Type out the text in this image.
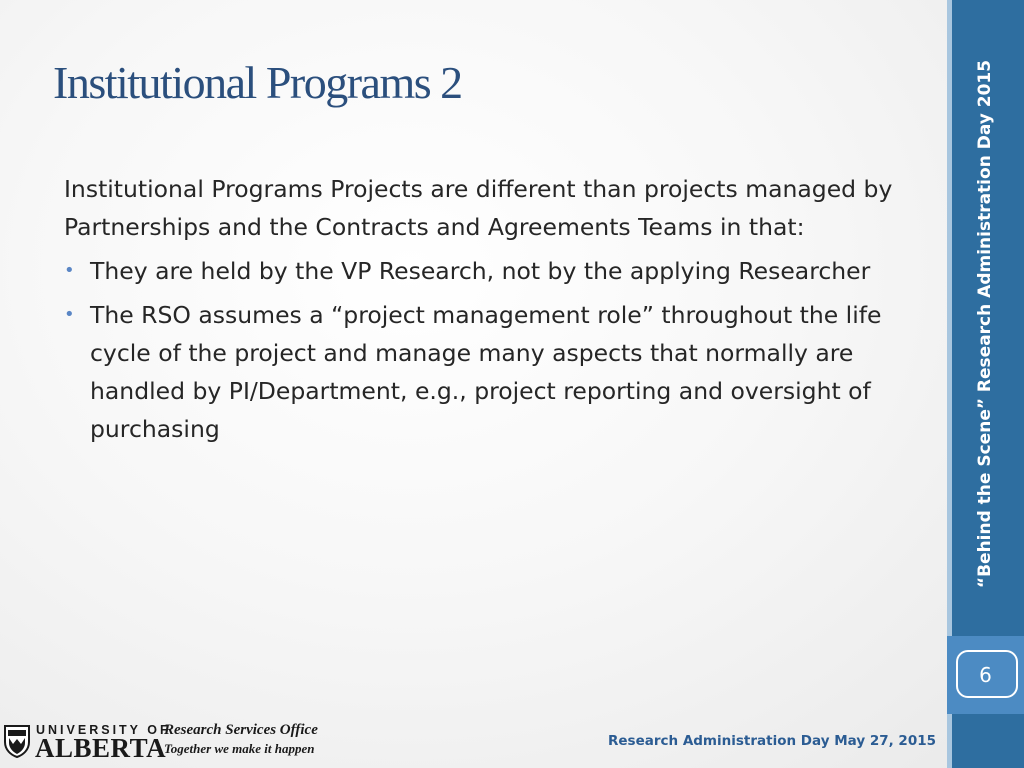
Institutional Programs 2

Institutional Programs Projects are different than projects managed by Partnerships and the Contracts and Agreements Teams in that:

• They are held by the VP Research, not by the applying Researcher
• The RSO assumes a “project management role” throughout the life cycle of the project and manage many aspects that normally are handled by PI/Department, e.g., project reporting and oversight of purchasing	“Behind the Scene” Research Administration Day 2015
6
UNIVERSITY OF
ALBERTA
Research Services Office
Together we make it happen	Research Administration Day May 27, 2015
